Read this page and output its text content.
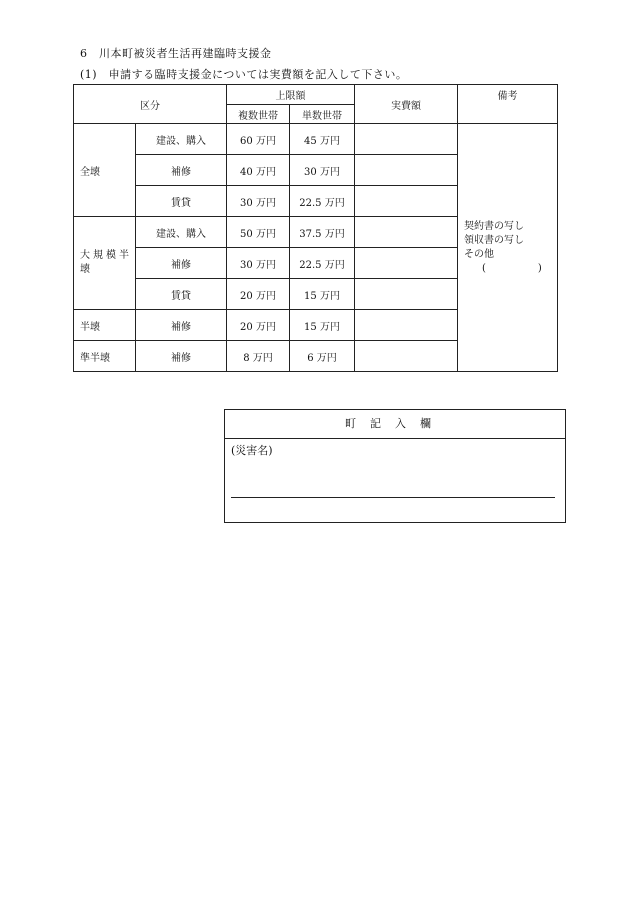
6　川本町被災者生活再建臨時支援金
(1)　申請する臨時支援金については実費額を記入して下さい。
区分		上限額		実費額	備考
		複数世帯	単数世帯		
全壊	建設、購入	60 万円	45 万円		契約書の写し
領収書の写し
その他
( )
	補修	40 万円	30 万円		
	賃貸	30 万円	22.5 万円		
大規模半壊	建設、購入	50 万円	37.5 万円		
	補修	30 万円	22.5 万円		
	賃貸	20 万円	15 万円		
半壊	補修	20 万円	15 万円		
準半壊	補修	8 万円	6 万円		
町記入欄
(災害名)
